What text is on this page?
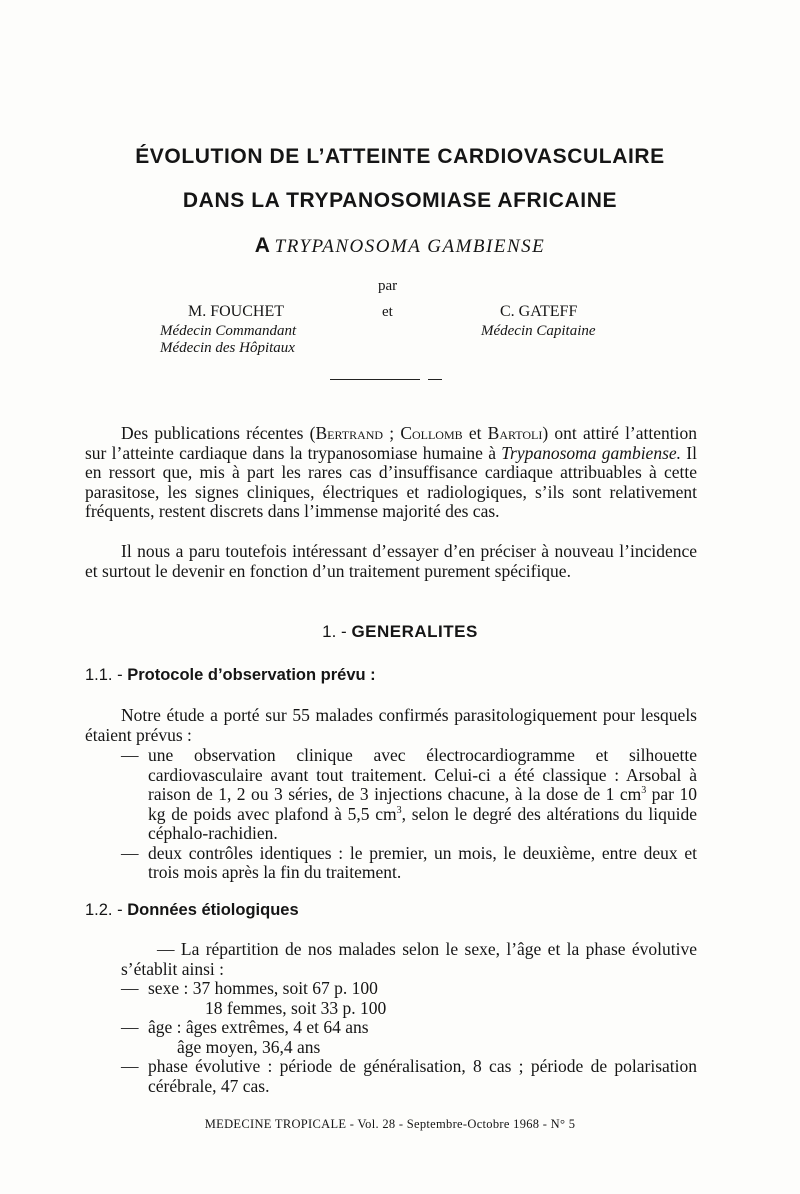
ÉVOLUTION DE L’ATTEINTE CARDIOVASCULAIRE
DANS LA TRYPANOSOMIASE AFRICAINE
A TRYPANOSOMA GAMBIENSE
par
M. FOUCHET	et	C. GATEFF
Médecin Commandant	Médecin Capitaine
Médecin des Hôpitaux
Des publications récentes (Bertrand ; Collomb et Bartoli) ont attiré l’attention sur l’atteinte cardiaque dans la trypanosomiase humaine à Trypanosoma gambiense. Il en ressort que, mis à part les rares cas d’insuffisance cardiaque attribuables à cette parasitose, les signes cliniques, électriques et radiologiques, s’ils sont relativement fréquents, restent discrets dans l’immense majorité des cas.
Il nous a paru toutefois intéressant d’essayer d’en préciser à nouveau l’incidence et surtout le devenir en fonction d’un traitement purement spécifique.
1. - GENERALITES
1.1. - Protocole d’observation prévu :
Notre étude a porté sur 55 malades confirmés parasitologiquement pour lesquels étaient prévus :
— une observation clinique avec électrocardiogramme et silhouette cardiovasculaire avant tout traitement. Celui-ci a été classique : Arsobal à raison de 1, 2 ou 3 séries, de 3 injections chacune, à la dose de 1 $cm^3$ par 10 kg de poids avec plafond à 5,5 $cm^3$, selon le degré des altérations du liquide céphalo-rachidien.
— deux contrôles identiques : le premier, un mois, le deuxième, entre deux et trois mois après la fin du traitement.
1.2. - Données étiologiques
— La répartition de nos malades selon le sexe, l’âge et la phase évolutive s’établit ainsi :
— sexe : 37 hommes, soit 67 p. 100
18 femmes, soit 33 p. 100
— âge : âges extrêmes, 4 et 64 ans
âge moyen, 36,4 ans
— phase évolutive : période de généralisation, 8 cas ; période de polarisation cérébrale, 47 cas.
MEDECINE TROPICALE - Vol. 28 - Septembre-Octobre 1968 - N° 5
